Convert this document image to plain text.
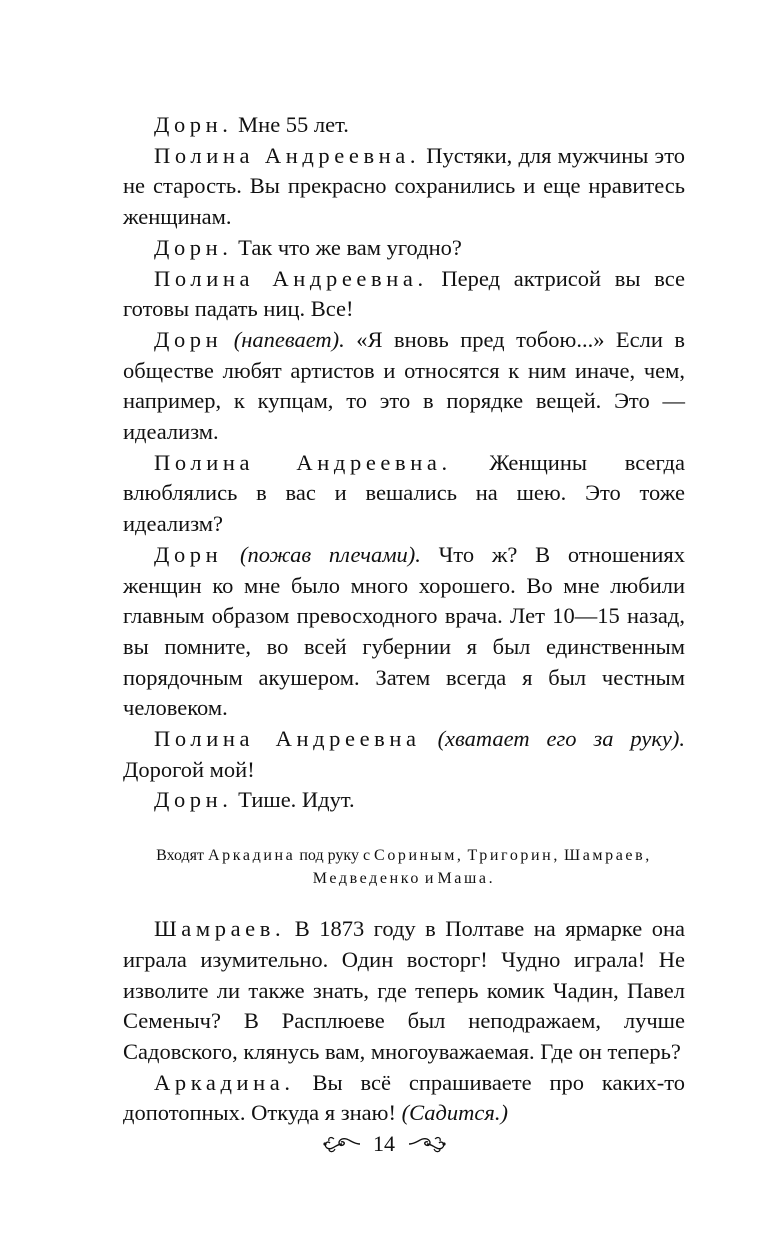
Дорн. Мне 55 лет.

Полина Андреевна. Пустяки, для мужчины это не старость. Вы прекрасно сохранились и еще нравитесь женщинам.

Дорн. Так что же вам угодно?

Полина Андреевна. Перед актрисой вы все готовы падать ниц. Все!

Дорн (напевает). «Я вновь пред тобою...» Если в обществе любят артистов и относятся к ним иначе, чем, например, к купцам, то это в порядке вещей. Это — идеализм.

Полина Андреевна. Женщины всегда влюблялись в вас и вешались на шею. Это тоже идеализм?

Дорн (пожав плечами). Что ж? В отношениях женщин ко мне было много хорошего. Во мне любили главным образом превосходного врача. Лет 10—15 назад, вы помните, во всей губернии я был единственным порядочным акушером. Затем всегда я был честным человеком.

Полина Андреевна (хватает его за руку). Дорогой мой!

Дорн. Тише. Идут.

Входят Аркадина под руку с Сориным, Тригорин, Шамраев, Медведенко и Маша.

Шамраев. В 1873 году в Полтаве на ярмарке она играла изумительно. Один восторг! Чудно играла! Не изволите ли также знать, где теперь комик Чадин, Павел Семеныч? В Расплюеве был неподражаем, лучше Садовского, клянусь вам, многоуважаемая. Где он теперь?

Аркадина. Вы всё спрашиваете про каких-то допотопных. Откуда я знаю! (Садится.)

14
